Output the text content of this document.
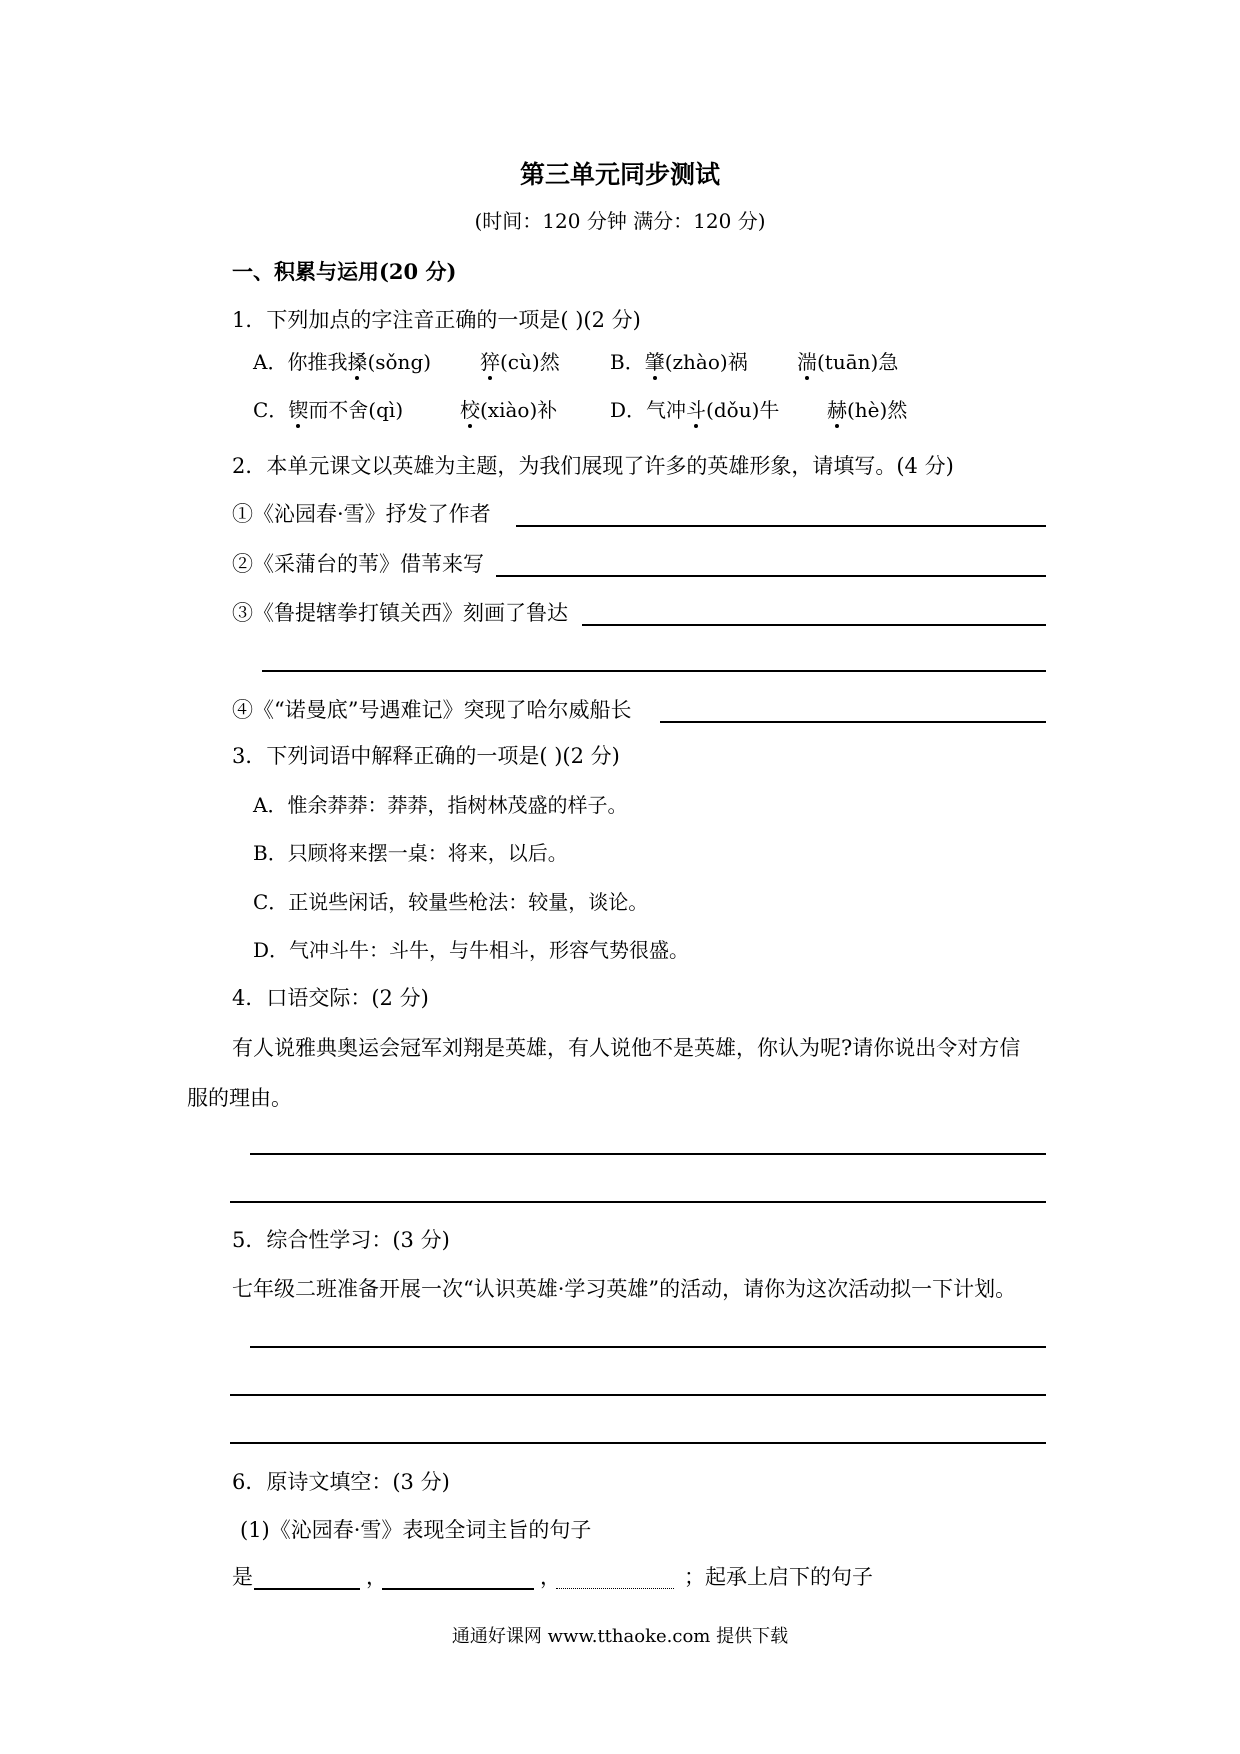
第三单元同步测试
(时间：120 分钟 满分：120 分)
一、积累与运用(20 分)
1．下列加点的字注音正确的一项是( )(2 分)
A．你推我搡(sǒng) 猝(cù)然	B．肇(zhào)祸 湍(tuān)急
C．锲而不舍(qì)	校(xiào)补	D．气冲斗(dǒu)牛 赫(hè)然
2．本单元课文以英雄为主题，为我们展现了许多的英雄形象，请填写。(4 分)
①《沁园春·雪》抒发了作者
②《采蒲台的苇》借苇来写
③《鲁提辖拳打镇关西》刻画了鲁达
④《“诺曼底”号遇难记》突现了哈尔威船长
3．下列词语中解释正确的一项是( )(2 分)
A．惟余莽莽：莽莽，指树林茂盛的样子。
B．只顾将来摆一桌：将来，以后。
C．正说些闲话，较量些枪法：较量，谈论。
D．气冲斗牛：斗牛，与牛相斗，形容气势很盛。
4．口语交际：(2 分)
有人说雅典奥运会冠军刘翔是英雄，有人说他不是英雄，你认为呢?请你说出令对方信
服的理由。
5．综合性学习：(3 分)
七年级二班准备开展一次“认识英雄·学习英雄”的活动，请你为这次活动拟一下计划。
6．原诗文填空：(3 分)
(1)《沁园春·雪》表现全词主旨的句子
是	，	，	；起承上启下的句子
通通好课网 www.tthaoke.com 提供下载
